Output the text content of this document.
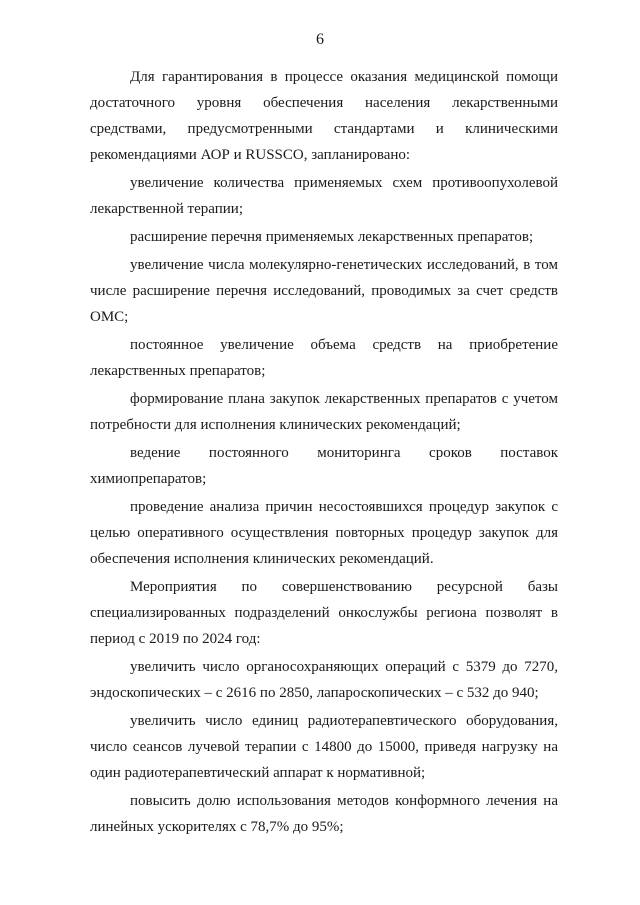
6

Для гарантирования в процессе оказания медицинской помощи достаточного уровня обеспечения населения лекарственными средствами, предусмотренными стандартами и клиническими рекомендациями АОР и RUSSCO, запланировано:

увеличение количества применяемых схем противоопухолевой лекарственной терапии;

расширение перечня применяемых лекарственных препаратов;

увеличение числа молекулярно-генетических исследований, в том числе расширение перечня исследований, проводимых за счет средств ОМС;

постоянное увеличение объема средств на приобретение лекарственных препаратов;

формирование плана закупок лекарственных препаратов с учетом потребности для исполнения клинических рекомендаций;

ведение постоянного мониторинга сроков поставок химиопрепаратов;

проведение анализа причин несостоявшихся процедур закупок с целью оперативного осуществления повторных процедур закупок для обеспечения исполнения клинических рекомендаций.

Мероприятия по совершенствованию ресурсной базы специализированных подразделений онкослужбы региона позволят в период с 2019 по 2024 год:

увеличить число органосохраняющих операций с 5379 до 7270, эндоскопических – с 2616 по 2850, лапароскопических – с 532 до 940;

увеличить число единиц радиотерапевтического оборудования, число сеансов лучевой терапии с 14800 до 15000, приведя нагрузку на один радиотерапевтический аппарат к нормативной;

повысить долю использования методов конформного лечения на линейных ускорителях с 78,7% до 95%;
